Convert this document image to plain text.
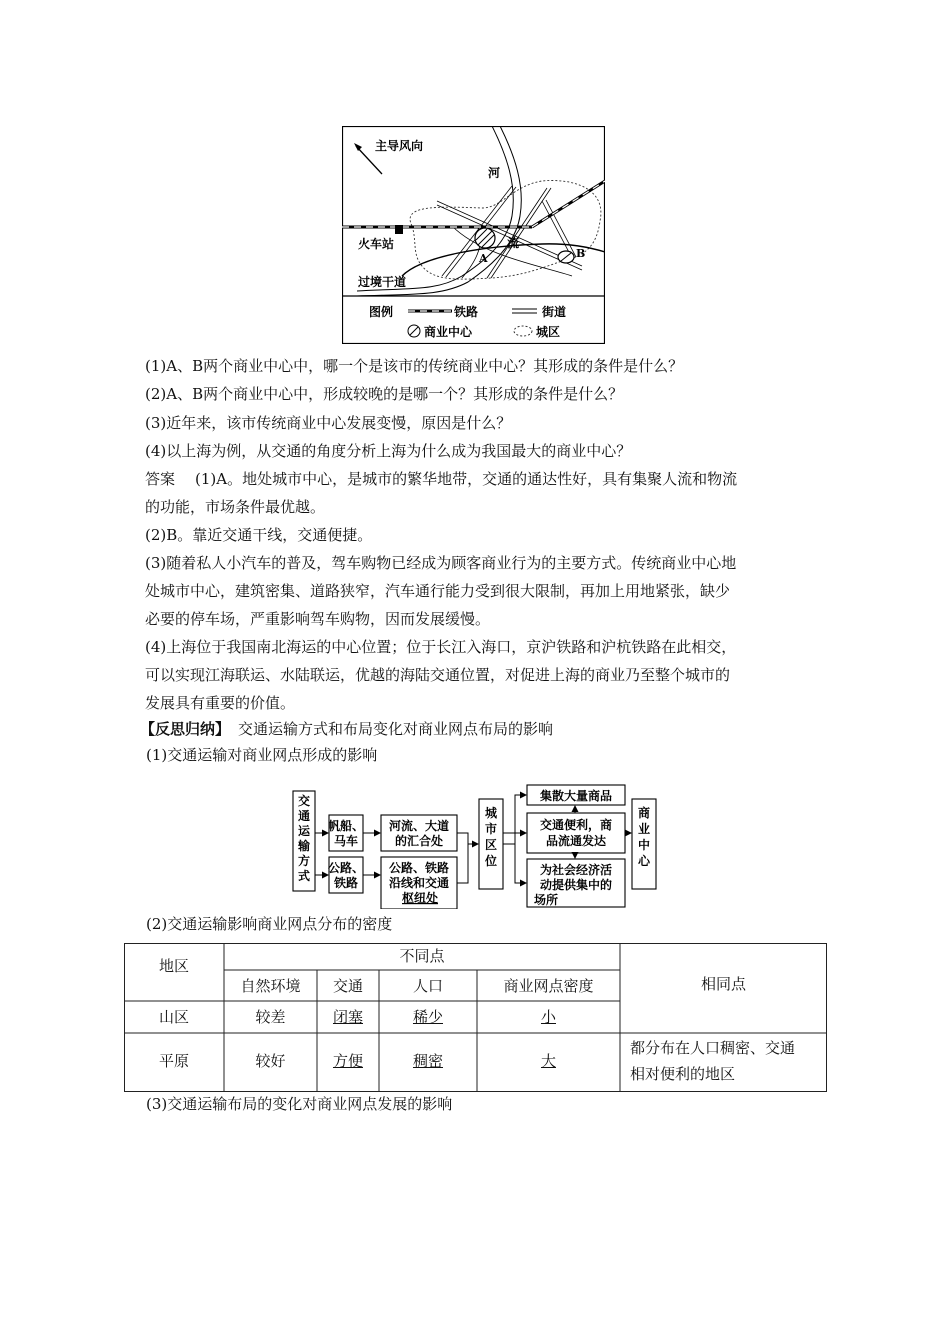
主导风向
河
流
火车站
过境干道
A	B
图例	铁路	街道
商业中心	城区
(1)A、B两个商业中心中，哪一个是该市的传统商业中心？其形成的条件是什么？
(2)A、B两个商业中心中，形成较晚的是哪一个？其形成的条件是什么？
(3)近年来，该市传统商业中心发展变慢，原因是什么？
(4)以上海为例，从交通的角度分析上海为什么成为我国最大的商业中心？
答案 (1)A。地处城市中心，是城市的繁华地带，交通的通达性好，具有集聚人流和物流
的功能，市场条件最优越。
(2)B。靠近交通干线，交通便捷。
(3)随着私人小汽车的普及，驾车购物已经成为顾客商业行为的主要方式。传统商业中心地
处城市中心，建筑密集、道路狭窄，汽车通行能力受到很大限制，再加上用地紧张，缺少
必要的停车场，严重影响驾车购物，因而发展缓慢。
(4)上海位于我国南北海运的中心位置；位于长江入海口，京沪铁路和沪杭铁路在此相交，
可以实现江海联运、水陆联运，优越的海陆交通位置，对促进上海的商业乃至整个城市的
发展具有重要的价值。
【反思归纳】 交通运输方式和布局变化对商业网点布局的影响
(1)交通运输对商业网点形成的影响
交通运输方式
帆船、
马车
公路、
铁路
河流、大道
的汇合处
公路、铁路
沿线和交通
枢纽处
城市区位
集散大量商品
交通便利，商
品流通发达
为社会经济活
动提供集中的
场所
商业中心
(2)交通运输影响商业网点分布的密度
地区
不同点
相同点
自然环境	交通	人口	商业网点密度
山区	较差	闭塞	稀少	小
平原	较好	方便	稠密	大
都分布在人口稠密、交通
相对便利的地区
(3)交通运输布局的变化对商业网点发展的影响
